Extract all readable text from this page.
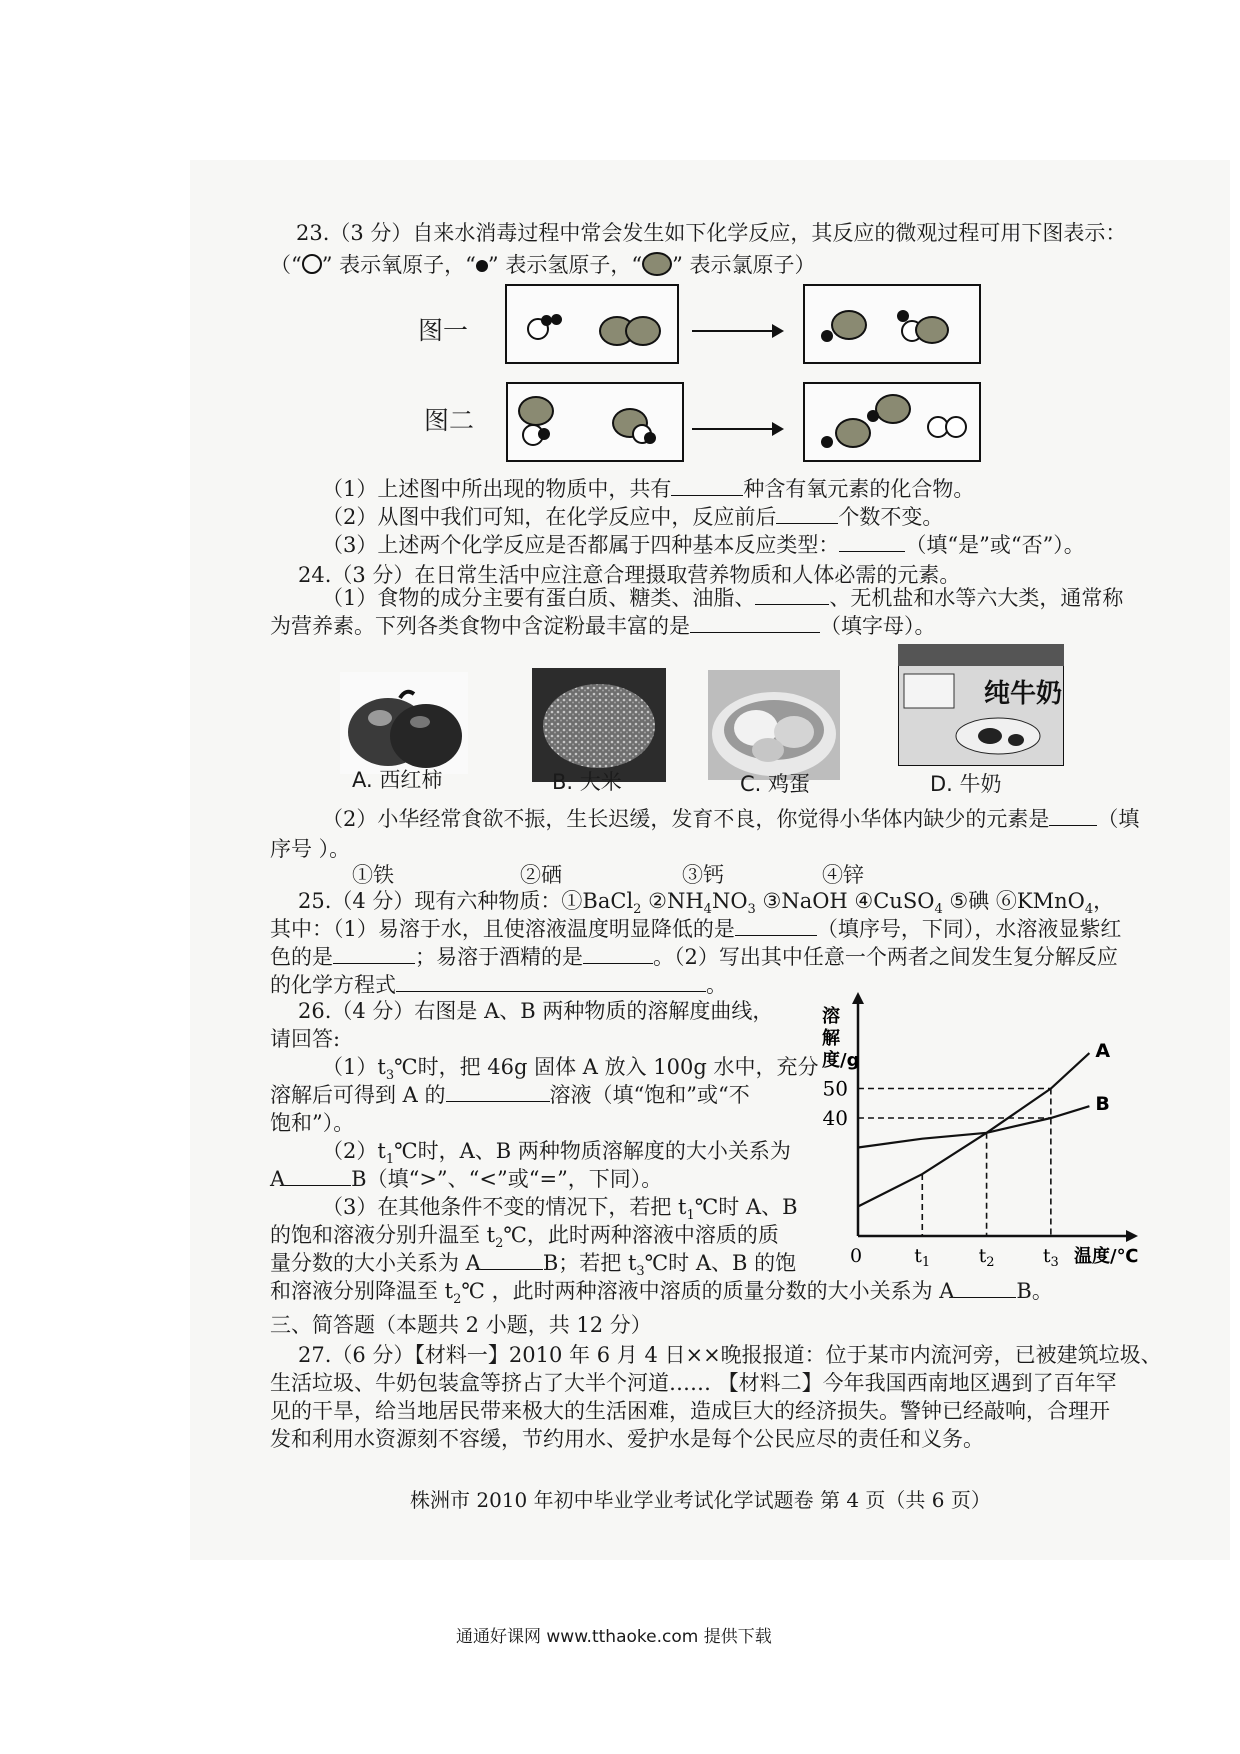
23.（3 分）自来水消毒过程中常会发生如下化学反应，其反应的微观过程可用下图表示：
（“ ” 表示氧原子，“ ” 表示氢原子，“ ” 表示氯原子）
图一
图二
（1）上述图中所出现的物质中，共有	种含有氧元素的化合物。
（2）从图中我们可知，在化学反应中，反应前后	个数不变。
（3）上述两个化学反应是否都属于四种基本反应类型：	（填“是”或“否”）。
24.（3 分）在日常生活中应注意合理摄取营养物质和人体必需的元素。
（1）食物的成分主要有蛋白质、糖类、油脂、	、无机盐和水等六大类，通常称
为营养素。下列各类食物中含淀粉最丰富的是	（填字母）。
纯牛奶
A. 西红柿	B. 大米	C. 鸡蛋	D. 牛奶
（2）小华经常食欲不振，生长迟缓，发育不良，你觉得小华体内缺少的元素是 （填
序号 ）。
①铁	②硒	③钙	④锌
25.（4 分）现有六种物质：①BaCl$_2$ $②NH_4NO_3$ ③NaOH ④CuSO$_4$ ⑤碘 ⑥KMnO$_4$，
其中：（1）易溶于水，且使溶液温度明显降低的是	（填序号，下同），水溶液显紫红
色的是	；易溶于酒精的是	。（2）写出其中任意一个两者之间发生复分解反应
的化学方程式	。
26.（4 分）右图是 A、B 两种物质的溶解度曲线，
请回答:
$(1)t_3℃$时，把 46g 固体 A 放入 100g 水中，充分
溶解后可得到 A 的	溶液（填“饱和”或“不
饱和”）。
$(2)t_1℃$时，A、B 两种物质溶解度的大小关系为
A	B（填“>”、“<”或“=”，下同）。
（3）在其他条件不变的情况下，若把 $t_1℃$时 A、B
的饱和溶液分别升温至 $t_2℃$，此时两种溶液中溶质的质
量分数的大小关系为 A	B；若把 $t_3℃$时 A、B 的饱
和溶液分别降温至 $t_2℃$ ，此时两种溶液中溶质的质量分数的大小关系为 A	B。
溶
解
度/g
温度/℃
0
A
B
40
50
$t_1$	$t_2$	$t_3$
三、简答题（本题共 2 小题，共 12 分）
27.（6 分）【材料一】2010 年 6 月 4 日××晚报报道：位于某市内流河旁，已被建筑垃圾、
生活垃圾、牛奶包装盒等挤占了大半个河道…… 【材料二】今年我国西南地区遇到了百年罕
见的干旱，给当地居民带来极大的生活困难，造成巨大的经济损失。警钟已经敲响，合理开
发和利用水资源刻不容缓，节约用水、爱护水是每个公民应尽的责任和义务。
株洲市 2010 年初中毕业学业考试化学试题卷 第 4 页（共 6 页）
通通好课网 www.tthaoke.com 提供下载
